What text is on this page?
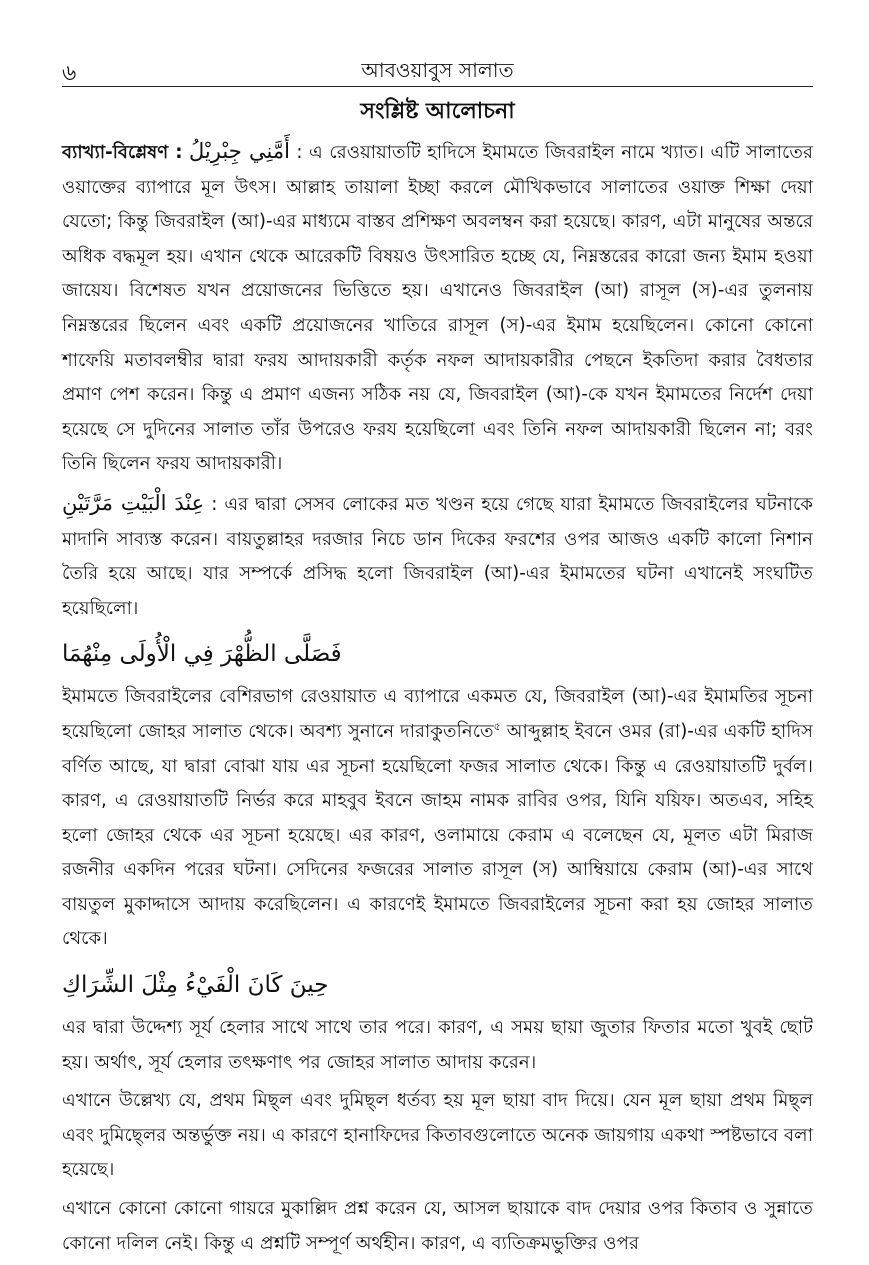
৬	আবওয়াবুস সালাত
সংশ্লিষ্ট আলোচনা

ব্যাখ্যা-বিশ্লেষণ : أَمَّنِي جِبْرِيْلُ : এ রেওয়ায়াতটি হাদিসে ইমামতে জিবরাইল নামে খ্যাত। এটি সালাতের ওয়াক্তের ব্যাপারে মূল উৎস। আল্লাহ তায়ালা ইচ্ছা করলে মৌখিকভাবে সালাতের ওয়াক্ত শিক্ষা দেয়া যেতো; কিন্তু জিবরাইল (আ)-এর মাধ্যমে বাস্তব প্রশিক্ষণ অবলম্বন করা হয়েছে। কারণ, এটা মানুষের অন্তরে অধিক বদ্ধমূল হয়। এখান থেকে আরেকটি বিষয়ও উৎসারিত হচ্ছে যে, নিম্নস্তরের কারো জন্য ইমাম হওয়া জায়েয। বিশেষত যখন প্রয়োজনের ভিত্তিতে হয়। এখানেও জিবরাইল (আ) রাসূল (স)-এর তুলনায় নিম্নস্তরের ছিলেন এবং একটি প্রয়োজনের খাতিরে রাসূল (স)-এর ইমাম হয়েছিলেন। কোনো কোনো শাফেয়ি মতাবলম্বীর দ্বারা ফরয আদায়কারী কর্তৃক নফল আদায়কারীর পেছনে ইকতিদা করার বৈধতার প্রমাণ পেশ করেন। কিন্তু এ প্রমাণ এজন্য সঠিক নয় যে, জিবরাইল (আ)-কে যখন ইমামতের নির্দেশ দেয়া হয়েছে সে দুদিনের সালাত তাঁর উপরেও ফরয হয়েছিলো এবং তিনি নফল আদায়কারী ছিলেন না; বরং তিনি ছিলেন ফরয আদায়কারী।

عِنْدَ الْبَيْتِ مَرَّتَيْنِ : এর দ্বারা সেসব লোকের মত খণ্ডন হয়ে গেছে যারা ইমামতে জিবরাইলের ঘটনাকে মাদানি সাব্যস্ত করেন। বায়তুল্লাহর দরজার নিচে ডান দিকের ফরশের ওপর আজও একটি কালো নিশান তৈরি হয়ে আছে। যার সম্পর্কে প্রসিদ্ধ হলো জিবরাইল (আ)-এর ইমামতের ঘটনা এখানেই সংঘটিত হয়েছিলো।

فَصَلَّى الظُّهْرَ فِي الْأُولَى مِنْهُمَا

ইমামতে জিবরাইলের বেশিরভাগ রেওয়ায়াত এ ব্যাপারে একমত যে, জিবরাইল (আ)-এর ইমামতির সূচনা হয়েছিলো জোহর সালাত থেকে। অবশ্য সুনানে দারাকুতনিতে$^৫$ আব্দুল্লাহ ইবনে ওমর (রা)-এর একটি হাদিস বর্ণিত আছে, যা দ্বারা বোঝা যায় এর সূচনা হয়েছিলো ফজর সালাত থেকে। কিন্তু এ রেওয়ায়াতটি দুর্বল। কারণ, এ রেওয়ায়াতটি নির্ভর করে মাহবুব ইবনে জাহম নামক রাবির ওপর, যিনি যয়িফ। অতএব, সহিহ হলো জোহর থেকে এর সূচনা হয়েছে। এর কারণ, ওলামায়ে কেরাম এ বলেছেন যে, মূলত এটা মিরাজ রজনীর একদিন পরের ঘটনা। সেদিনের ফজরের সালাত রাসূল (স) আম্বিয়ায়ে কেরাম (আ)-এর সাথে বায়তুল মুকাদ্দাসে আদায় করেছিলেন। এ কারণেই ইমামতে জিবরাইলের সূচনা করা হয় জোহর সালাত থেকে।

حِينَ كَانَ الْفَيْءُ مِثْلَ الشِّرَاكِ

এর দ্বারা উদ্দেশ্য সূর্য হেলার সাথে সাথে তার পরে। কারণ, এ সময় ছায়া জুতার ফিতার মতো খুবই ছোট হয়। অর্থাৎ, সূর্য হেলার তৎক্ষণাৎ পর জোহর সালাত আদায় করেন।

এখানে উল্লেখ্য যে, প্রথম মিছ্ল এবং দুমিছ্ল ধর্তব্য হয় মূল ছায়া বাদ দিয়ে। যেন মূল ছায়া প্রথম মিছ্ল এবং দুমিছ্লের অন্তর্ভুক্ত নয়। এ কারণে হানাফিদের কিতাবগুলোতে অনেক জায়গায় একথা স্পষ্টভাবে বলা হয়েছে।

এখানে কোনো কোনো গায়রে মুকাল্লিদ প্রশ্ন করেন যে, আসল ছায়াকে বাদ দেয়ার ওপর কিতাব ও সুন্নাতে কোনো দলিল নেই। কিন্তু এ প্রশ্নটি সম্পূর্ণ অর্থহীন। কারণ, এ ব্যতিক্রমভুক্তির ওপর
